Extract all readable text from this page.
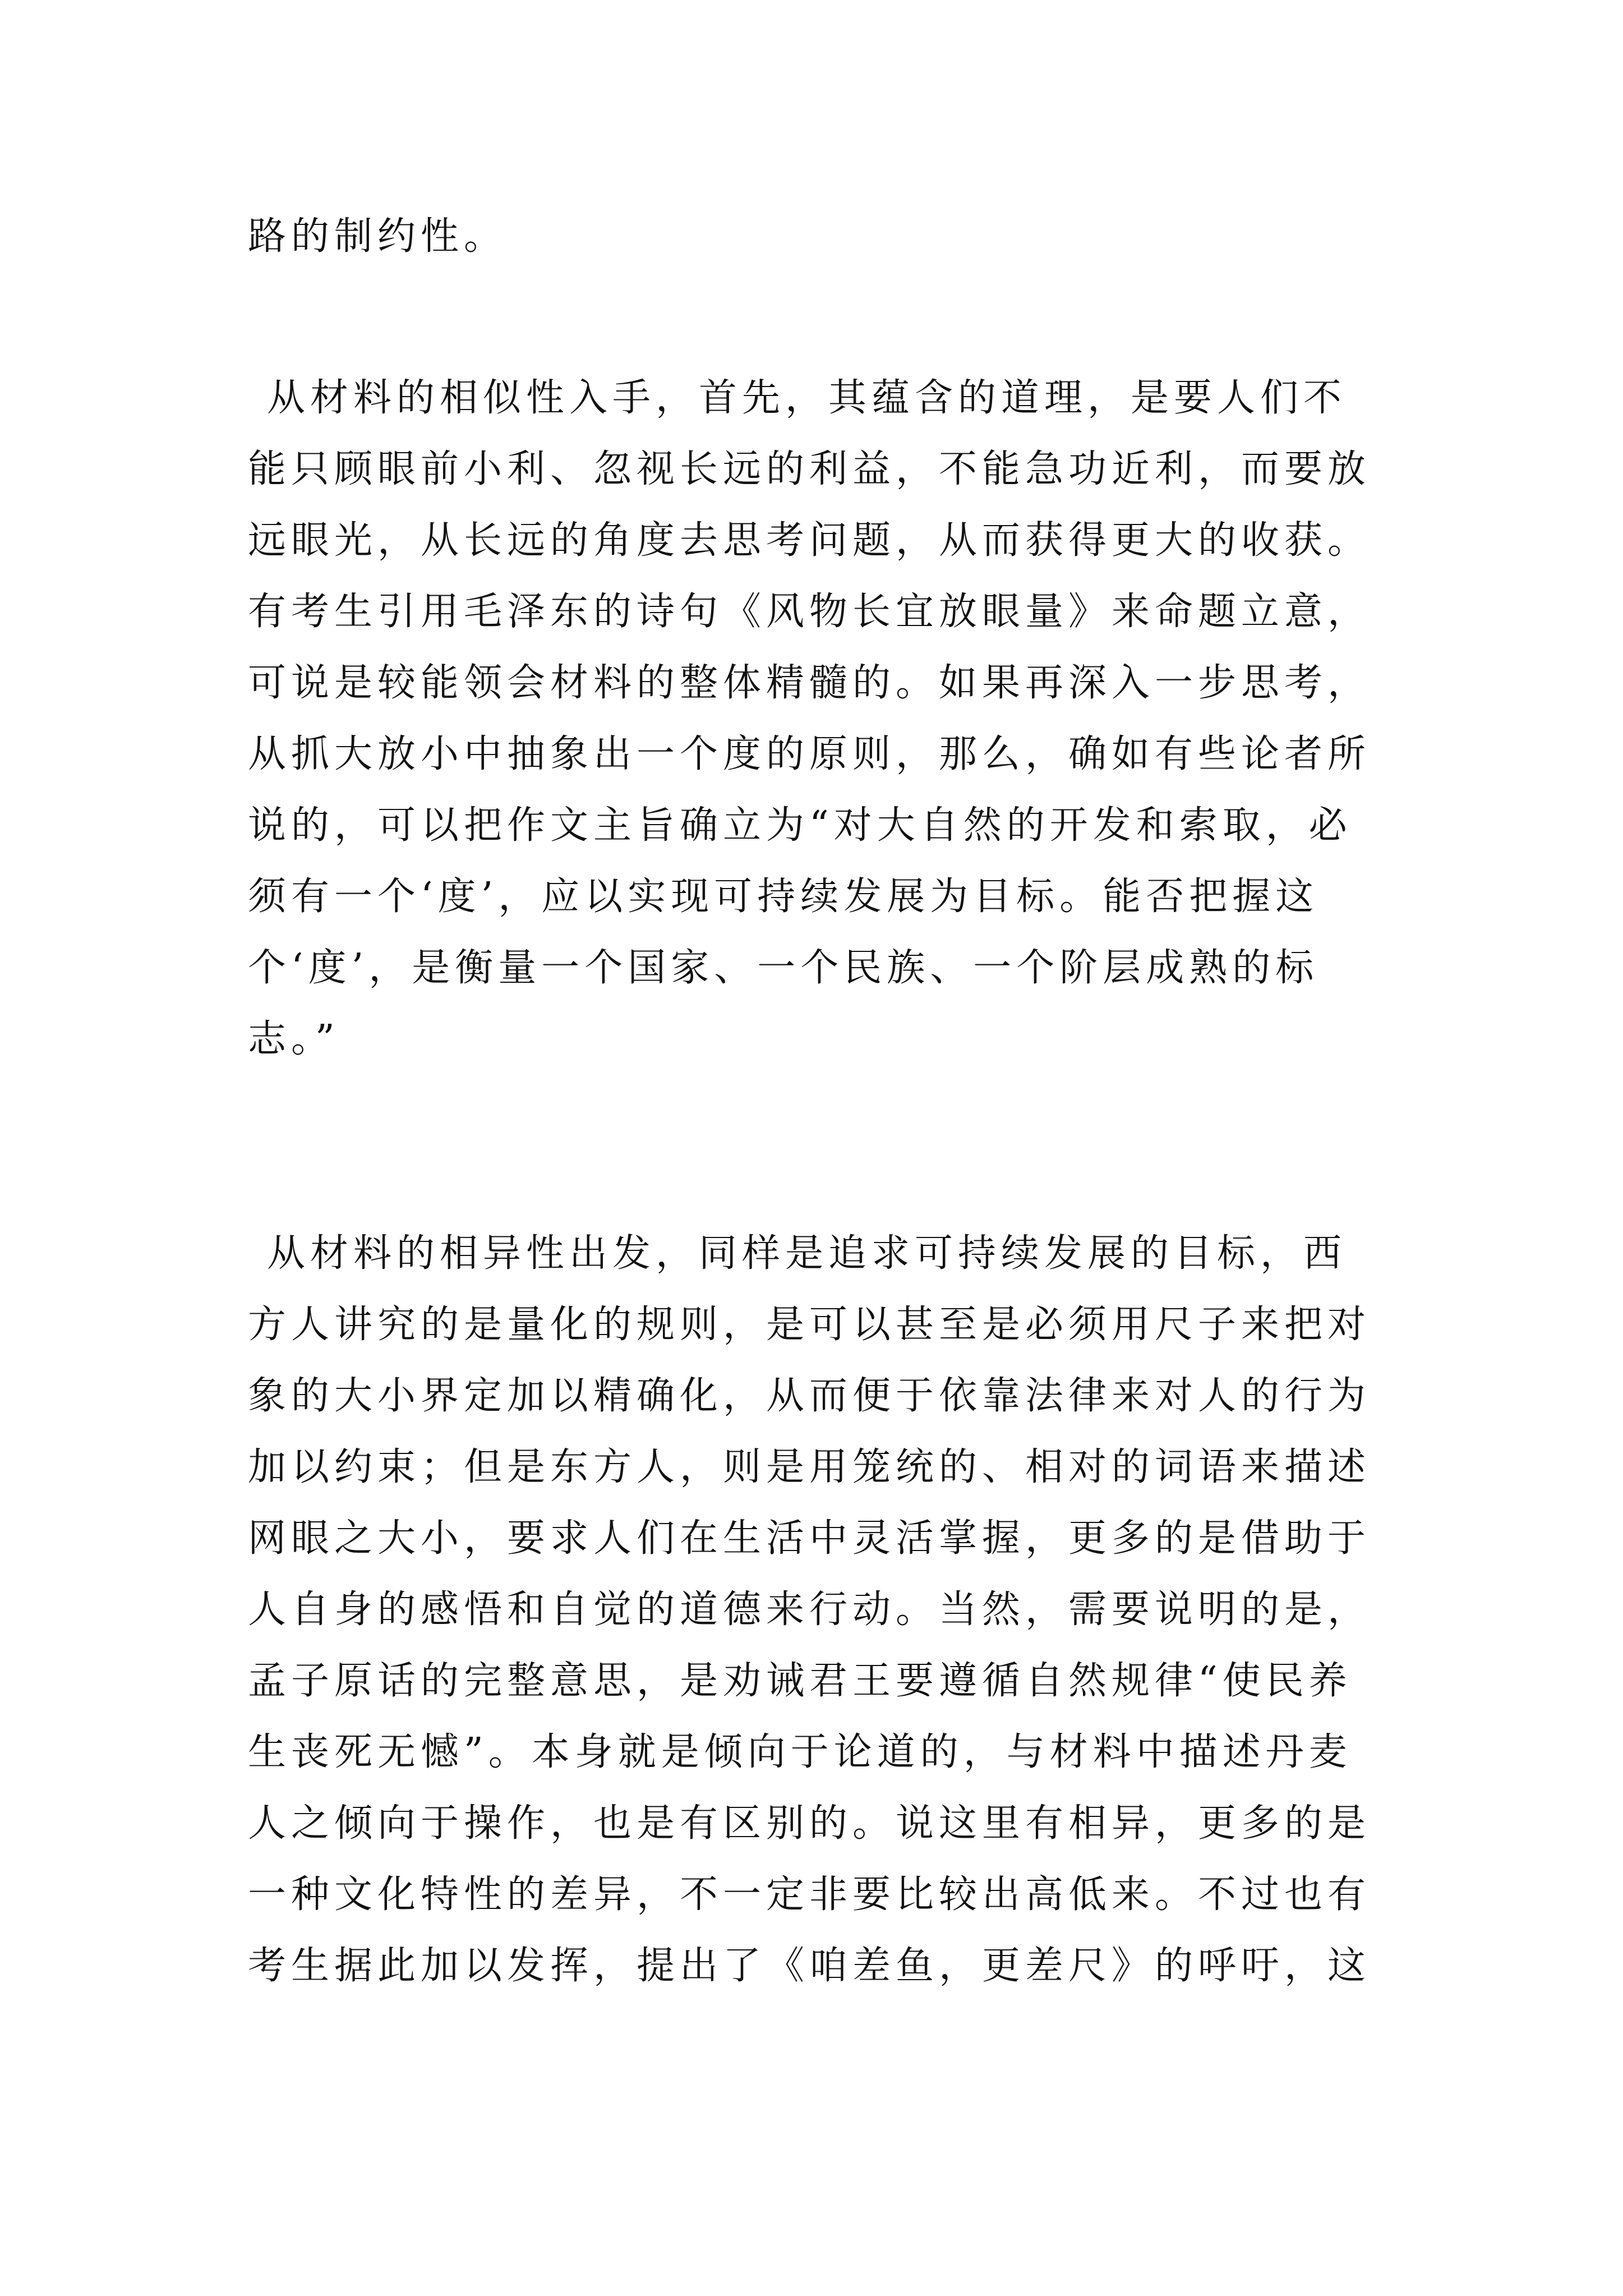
路的制约性。
从材料的相似性入手，首先，其蕴含的道理，是要人们不
能只顾眼前小利、忽视长远的利益，不能急功近利，而要放
远眼光，从长远的角度去思考问题，从而获得更大的收获。
有考生引用毛泽东的诗句《风物长宜放眼量》来命题立意，
可说是较能领会材料的整体精髓的。如果再深入一步思考，
从抓大放小中抽象出一个度的原则，那么，确如有些论者所
说的，可以把作文主旨确立为“对大自然的开发和索取，必
须有一个‘度’，应以实现可持续发展为目标。能否把握这
个‘度’，是衡量一个国家、一个民族、一个阶层成熟的标
志。”
从材料的相异性出发，同样是追求可持续发展的目标，西
方人讲究的是量化的规则，是可以甚至是必须用尺子来把对
象的大小界定加以精确化，从而便于依靠法律来对人的行为
加以约束；但是东方人，则是用笼统的、相对的词语来描述
网眼之大小，要求人们在生活中灵活掌握，更多的是借助于
人自身的感悟和自觉的道德来行动。当然，需要说明的是，
孟子原话的完整意思，是劝诫君王要遵循自然规律“使民养
生丧死无憾”。本身就是倾向于论道的，与材料中描述丹麦
人之倾向于操作，也是有区别的。说这里有相异，更多的是
一种文化特性的差异，不一定非要比较出高低来。不过也有
考生据此加以发挥，提出了《咱差鱼，更差尺》的呼吁，这
